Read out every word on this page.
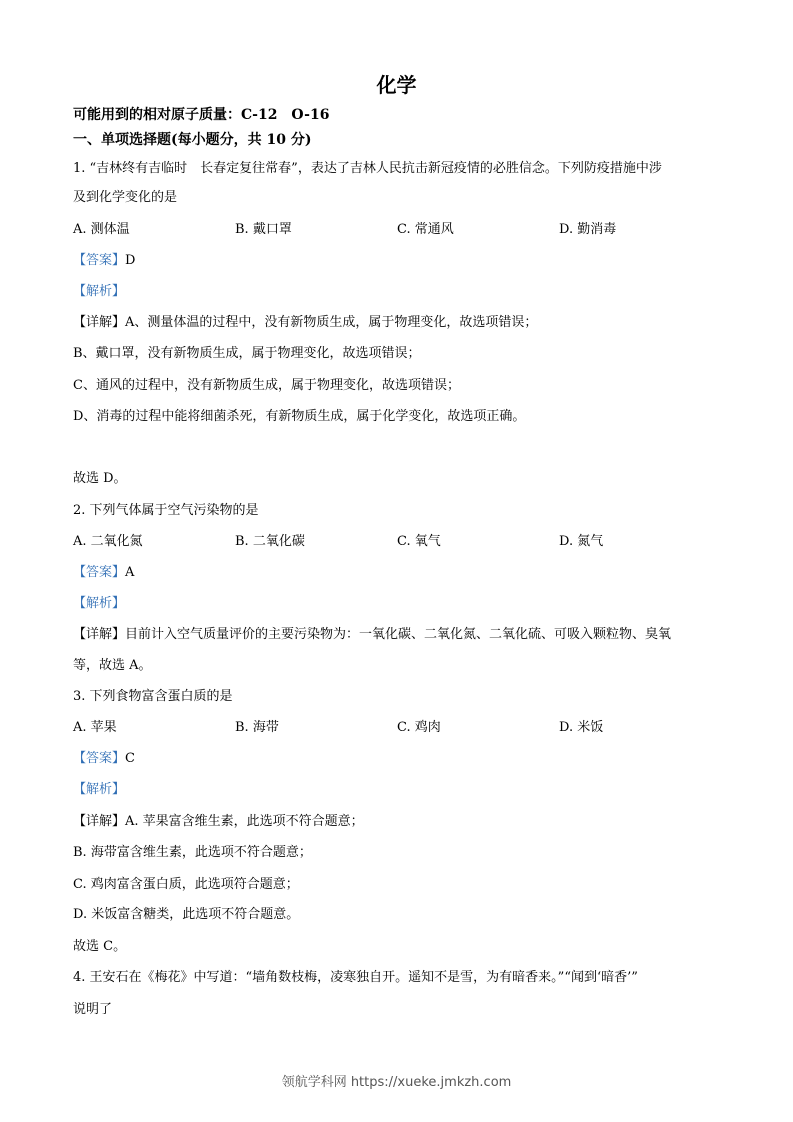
化学
可能用到的相对原子质量：C-12　O-16
一、单项选择题(每小题分，共 10 分)
1. “吉林终有吉临时　长春定复往常春”，表达了吉林人民抗击新冠疫情的必胜信念。下列防疫措施中涉
及到化学变化的是
A. 测体温	B. 戴口罩	C. 常通风	D. 勤消毒
【答案】D
【解析】
【详解】A、测量体温的过程中，没有新物质生成，属于物理变化，故选项错误；
B、戴口罩，没有新物质生成，属于物理变化，故选项错误；
C、通风的过程中，没有新物质生成，属于物理变化，故选项错误；
D、消毒的过程中能将细菌杀死，有新物质生成，属于化学变化，故选项正确。
故选 D。
2. 下列气体属于空气污染物的是
A. 二氧化氮	B. 二氧化碳	C. 氧气	D. 氮气
【答案】A
【解析】
【详解】目前计入空气质量评价的主要污染物为：一氧化碳、二氧化氮、二氧化硫、可吸入颗粒物、臭氧
等，故选 A。
3. 下列食物富含蛋白质的是
A. 苹果	B. 海带	C. 鸡肉	D. 米饭
【答案】C
【解析】
【详解】A. 苹果富含维生素，此选项不符合题意；
B. 海带富含维生素，此选项不符合题意；
C. 鸡肉富含蛋白质，此选项符合题意；
D. 米饭富含糖类，此选项不符合题意。
故选 C。
4. 王安石在《梅花》中写道：“墙角数枝梅，凌寒独自开。遥知不是雪，为有暗香来。”“闻到‘暗香’”
说明了
领航学科网 https://xueke.jmkzh.com
